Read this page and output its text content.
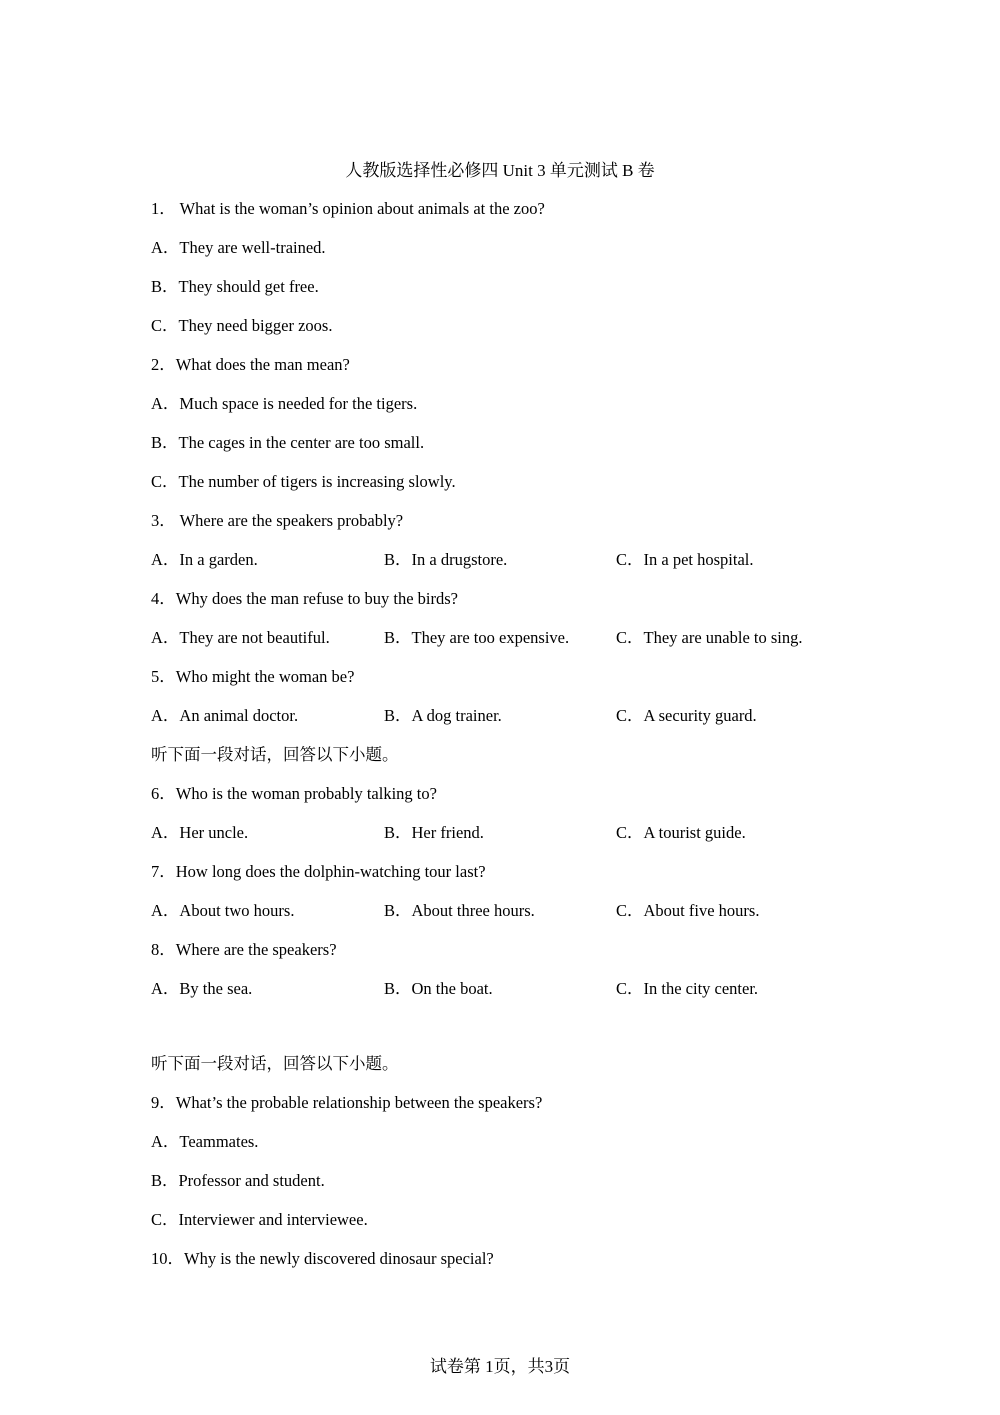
人教版选择性必修四 Unit 3 单元测试 B 卷
1． What is the woman’s opinion about animals at the zoo?
A．They are well-trained.
B．They should get free.
C．They need bigger zoos.
2．What does the man mean?
A．Much space is needed for the tigers.
B．The cages in the center are too small.
C．The number of tigers is increasing slowly.
3． Where are the speakers probably?
A．In a garden.	B．In a drugstore.	C．In a pet hospital.
4．Why does the man refuse to buy the birds?
A．They are not beautiful.	B．They are too expensive.	C．They are unable to sing.
5．Who might the woman be?
A．An animal doctor.	B．A dog trainer.	C．A security guard.
听下面一段对话，回答以下小题。
6．Who is the woman probably talking to?
A．Her uncle.	B．Her friend.	C．A tourist guide.
7．How long does the dolphin-watching tour last?
A．About two hours.	B．About three hours.	C．About five hours.
8．Where are the speakers?
A．By the sea.	B．On the boat.	C．In the city center.
听下面一段对话，回答以下小题。
9．What’s the probable relationship between the speakers?
A．Teammates.
B．Professor and student.
C．Interviewer and interviewee.
10．Why is the newly discovered dinosaur special?
试卷第 1页，共3页
